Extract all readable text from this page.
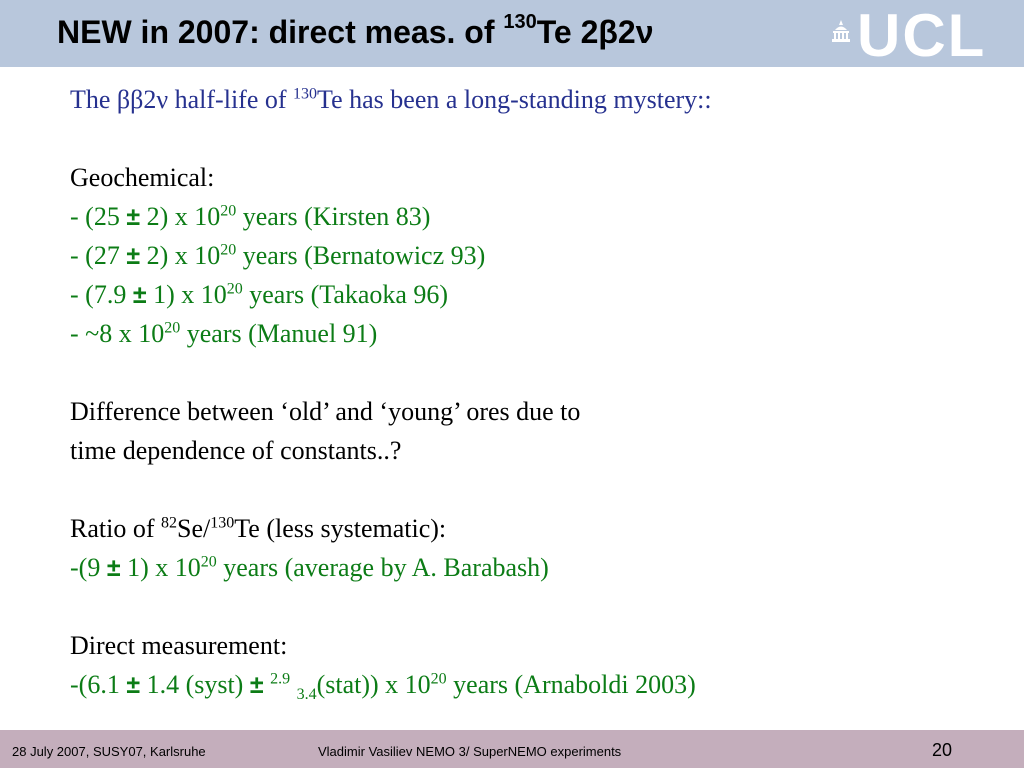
NEW in 2007: direct meas. of $^{130}$Te 2β2ν	UCL
The ββ2ν half-life of $^{130}$Te has been a long-standing mystery::
Geochemical:
- (25 ± 2) x $10^{20}$ years (Kirsten 83)
- (27 ± 2) x $10^{20}$ years (Bernatowicz 93)
- (7.9 ± 1) x $10^{20}$ years (Takaoka 96)
- ~8 x $10^{20}$ years (Manuel 91)
Difference between ‘old’ and ‘young’ ores due to
time dependence of constants..?
Ratio of $^{82}$Se/$^{130}$Te (less systematic):
-(9 ± 1) x $10^{20}$ years (average by A. Barabash)
Direct measurement:
-(6.1 ± 1.4 (syst) ± $^{2.9}$ $_{3.4}$(stat)) x $10^{20}$ years (Arnaboldi 2003)
28 July 2007, SUSY07, Karlsruhe	Vladimir Vasiliev NEMO 3/ SuperNEMO experiments	20
